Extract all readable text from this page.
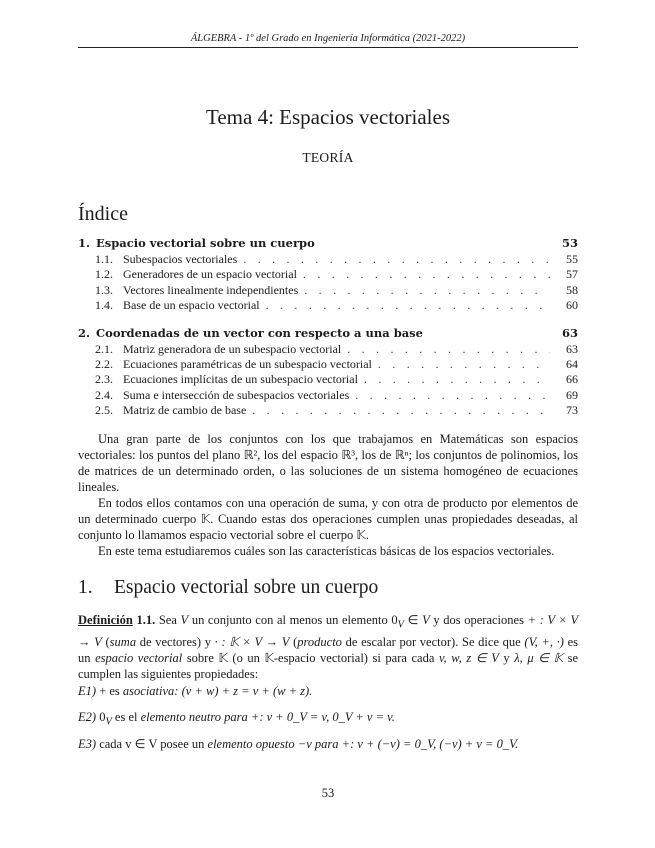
ÁLGEBRA - 1º del Grado en Ingeniería Informática (2021-2022)
Tema 4: Espacios vectoriales
TEORÍA
Índice
1. Espacio vectorial sobre un cuerpo	53
1.1. Subespacios vectoriales . . .	55
1.2. Generadores de un espacio vectorial . . .	57
1.3. Vectores linealmente independientes . . .	58
1.4. Base de un espacio vectorial . . .	60
2. Coordenadas de un vector con respecto a una base	63
2.1. Matriz generadora de un subespacio vectorial . . .	63
2.2. Ecuaciones paramétricas de un subespacio vectorial . . .	64
2.3. Ecuaciones implícitas de un subespacio vectorial . . .	66
2.4. Suma e intersección de subespacios vectoriales . . .	69
2.5. Matriz de cambio de base . . .	73

Una gran parte de los conjuntos con los que trabajamos en Matemáticas son espacios vectoriales: los puntos del plano ℝ², los del espacio ℝ³, los de ℝⁿ; los conjuntos de polinomios, los de matrices de un determinado orden, o las soluciones de un sistema homogéneo de ecuaciones lineales.

En todos ellos contamos con una operación de suma, y con otra de producto por elementos de un determinado cuerpo 𝕂. Cuando estas dos operaciones cumplen unas propiedades deseadas, al conjunto lo llamamos espacio vectorial sobre el cuerpo 𝕂.

En este tema estudiaremos cuáles son las características básicas de los espacios vectoriales.

1. Espacio vectorial sobre un cuerpo
Definición 1.1. Sea V un conjunto con al menos un elemento $0_V$ ∈ V y dos operaciones + : V × V → V (suma de vectores) y · : 𝕂 × V → V (producto de escalar por vector). Se dice que (V, +, ·) es un espacio vectorial sobre 𝕂 (o un 𝕂-espacio vectorial) si para cada v, w, z ∈ V y λ, μ ∈ 𝕂 se cumplen las siguientes propiedades:
E1) + es asociativa: (v + w) + z = v + (w + z).
E2) $0_V$ es el elemento neutro para +: v + 0_V = v, 0_V + v = v.
E3) cada v ∈ V posee un elemento opuesto −v para +: v + (−v) = 0_V, (−v) + v = 0_V.
53
